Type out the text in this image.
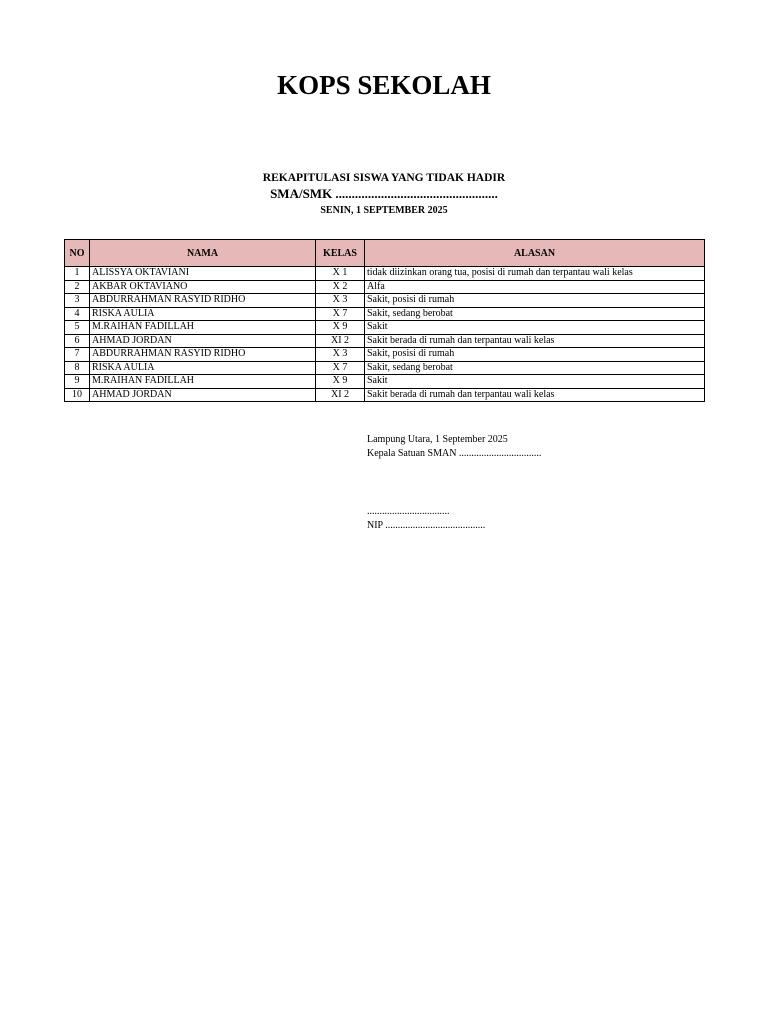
KOPS SEKOLAH
REKAPITULASI SISWA YANG TIDAK HADIR
SMA/SMK ..................................................
SENIN, 1 SEPTEMBER 2025
NO	NAMA	KELAS	ALASAN
1	ALISSYA OKTAVIANI	X 1	tidak diizinkan orang tua, posisi di rumah dan terpantau wali kelas
2	AKBAR OKTAVIANO	X 2	Alfa
3	ABDURRAHMAN RASYID RIDHO	X 3	Sakit, posisi di rumah
4	RISKA AULIA	X 7	Sakit, sedang berobat
5	M.RAIHAN FADILLAH	X 9	Sakit
6	AHMAD JORDAN	XI 2	Sakit berada di rumah dan terpantau wali kelas
7	ABDURRAHMAN RASYID RIDHO	X 3	Sakit, posisi di rumah
8	RISKA AULIA	X 7	Sakit, sedang berobat
9	M.RAIHAN FADILLAH	X 9	Sakit
10	AHMAD JORDAN	XI 2	Sakit berada di rumah dan terpantau wali kelas
Lampung Utara, 1 September 2025
Kepala Satuan SMAN .................................
.................................
NIP ........................................
